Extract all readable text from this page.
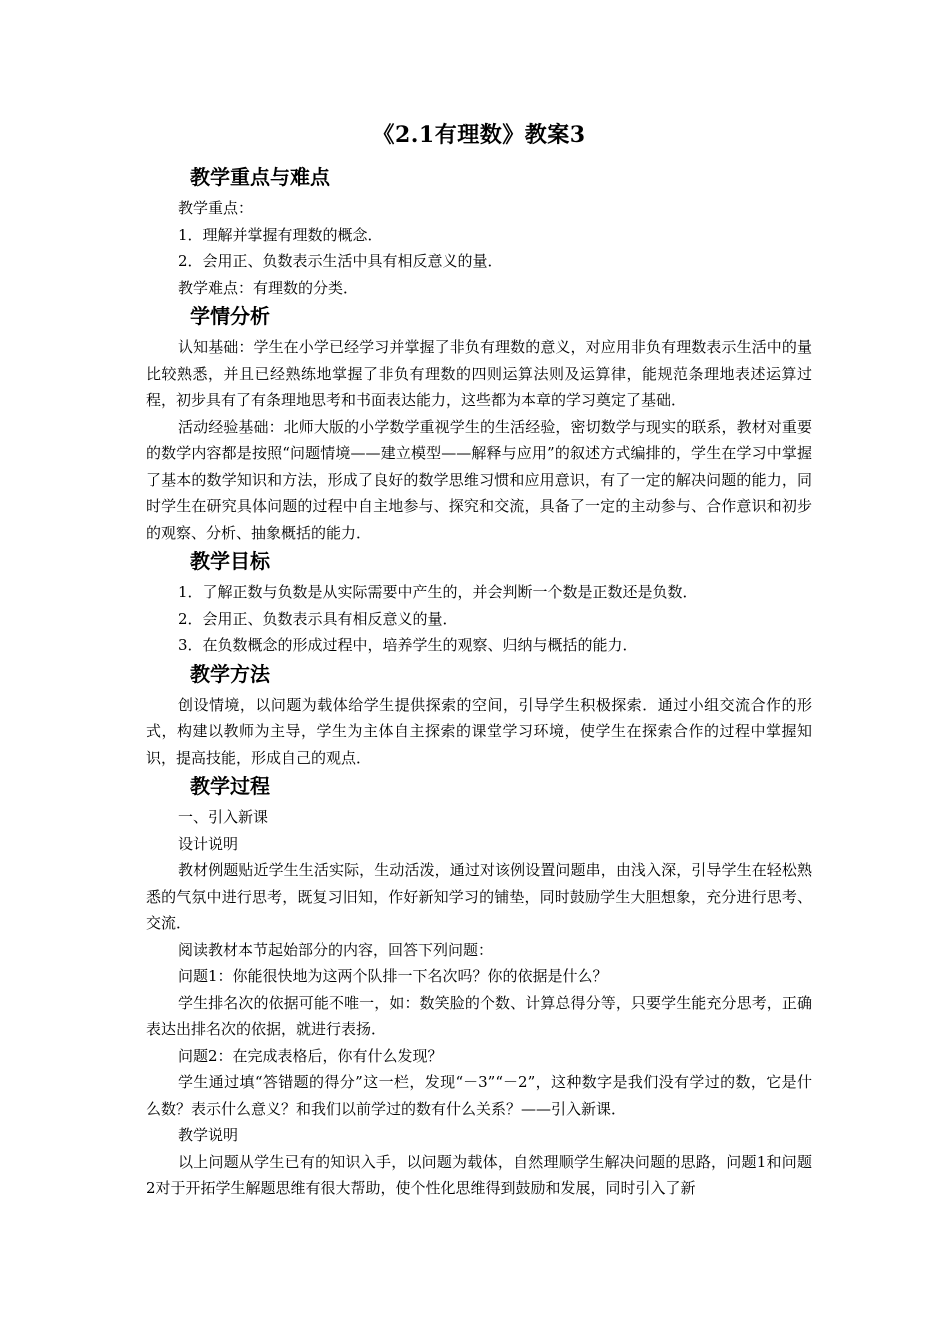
《2.1有理数》教案3
教学重点与难点
教学重点：
1．理解并掌握有理数的概念．
2．会用正、负数表示生活中具有相反意义的量．
教学难点：有理数的分类．
学情分析

认知基础：学生在小学已经学习并掌握了非负有理数的意义，对应用非负有理数表示生活中的量比较熟悉，并且已经熟练地掌握了非负有理数的四则运算法则及运算律，能规范条理地表述运算过程，初步具有了有条理地思考和书面表达能力，这些都为本章的学习奠定了基础．

活动经验基础：北师大版的小学数学重视学生的生活经验，密切数学与现实的联系，教材对重要的数学内容都是按照“问题情境——建立模型——解释与应用”的叙述方式编排的，学生在学习中掌握了基本的数学知识和方法，形成了良好的数学思维习惯和应用意识，有了一定的解决问题的能力，同时学生在研究具体问题的过程中自主地参与、探究和交流，具备了一定的主动参与、合作意识和初步的观察、分析、抽象概括的能力．

教学目标
1．了解正数与负数是从实际需要中产生的，并会判断一个数是正数还是负数．
2．会用正、负数表示具有相反意义的量．
3．在负数概念的形成过程中，培养学生的观察、归纳与概括的能力．
教学方法

创设情境，以问题为载体给学生提供探索的空间，引导学生积极探索．通过小组交流合作的形式，构建以教师为主导，学生为主体自主探索的课堂学习环境，使学生在探索合作的过程中掌握知识，提高技能，形成自己的观点．

教学过程
一、引入新课
设计说明

教材例题贴近学生生活实际，生动活泼，通过对该例设置问题串，由浅入深，引导学生在轻松熟悉的气氛中进行思考，既复习旧知，作好新知学习的铺垫，同时鼓励学生大胆想象，充分进行思考、交流．

阅读教材本节起始部分的内容，回答下列问题：
问题1：你能很快地为这两个队排一下名次吗？你的依据是什么？

学生排名次的依据可能不唯一，如：数笑脸的个数、计算总得分等，只要学生能充分思考，正确表达出排名次的依据，就进行表扬．

问题2：在完成表格后，你有什么发现？

学生通过填“答错题的得分”这一栏，发现“－3”“－2”，这种数字是我们没有学过的数，它是什么数？表示什么意义？和我们以前学过的数有什么关系？——引入新课．

教学说明

以上问题从学生已有的知识入手，以问题为载体，自然理顺学生解决问题的思路，问题1和问题2对于开拓学生解题思维有很大帮助，使个性化思维得到鼓励和发展，同时引入了新
